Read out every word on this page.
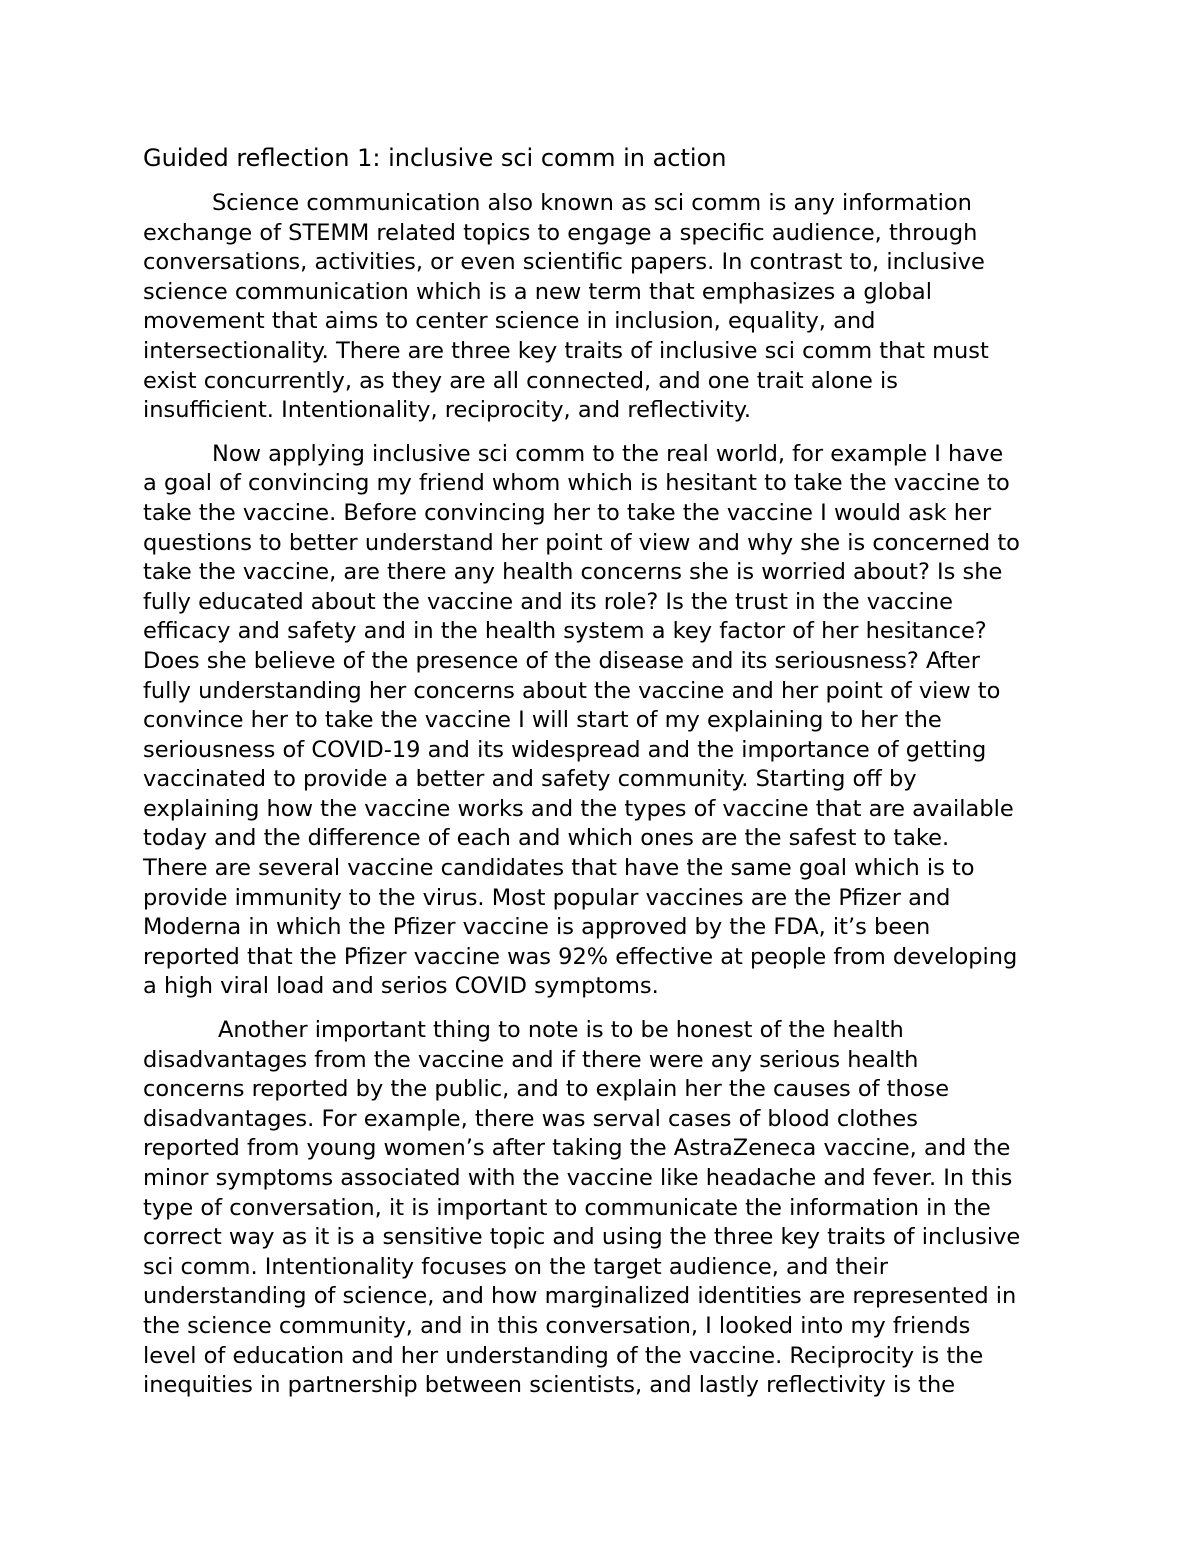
Guided reflection 1: inclusive sci comm in action

Science communication also known as sci comm is any information
exchange of STEMM related topics to engage a specific audience, through
conversations, activities, or even scientific papers. In contrast to, inclusive
science communication which is a new term that emphasizes a global
movement that aims to center science in inclusion, equality, and
intersectionality. There are three key traits of inclusive sci comm that must
exist concurrently, as they are all connected, and one trait alone is
insufficient. Intentionality, reciprocity, and reflectivity.

Now applying inclusive sci comm to the real world, for example I have
a goal of convincing my friend whom which is hesitant to take the vaccine to
take the vaccine. Before convincing her to take the vaccine I would ask her
questions to better understand her point of view and why she is concerned to
take the vaccine, are there any health concerns she is worried about? Is she
fully educated about the vaccine and its role? Is the trust in the vaccine
efficacy and safety and in the health system a key factor of her hesitance?
Does she believe of the presence of the disease and its seriousness? After
fully understanding her concerns about the vaccine and her point of view to
convince her to take the vaccine I will start of my explaining to her the
seriousness of COVID-19 and its widespread and the importance of getting
vaccinated to provide a better and safety community. Starting off by
explaining how the vaccine works and the types of vaccine that are available
today and the difference of each and which ones are the safest to take.
There are several vaccine candidates that have the same goal which is to
provide immunity to the virus. Most popular vaccines are the Pfizer and
Moderna in which the Pfizer vaccine is approved by the FDA, it’s been
reported that the Pfizer vaccine was 92% effective at people from developing
a high viral load and serios COVID symptoms.

Another important thing to note is to be honest of the health
disadvantages from the vaccine and if there were any serious health
concerns reported by the public, and to explain her the causes of those
disadvantages. For example, there was serval cases of blood clothes
reported from young women’s after taking the AstraZeneca vaccine, and the
minor symptoms associated with the vaccine like headache and fever. In this
type of conversation, it is important to communicate the information in the
correct way as it is a sensitive topic and using the three key traits of inclusive
sci comm. Intentionality focuses on the target audience, and their
understanding of science, and how marginalized identities are represented in
the science community, and in this conversation, I looked into my friends
level of education and her understanding of the vaccine. Reciprocity is the
inequities in partnership between scientists, and lastly reflectivity is the
